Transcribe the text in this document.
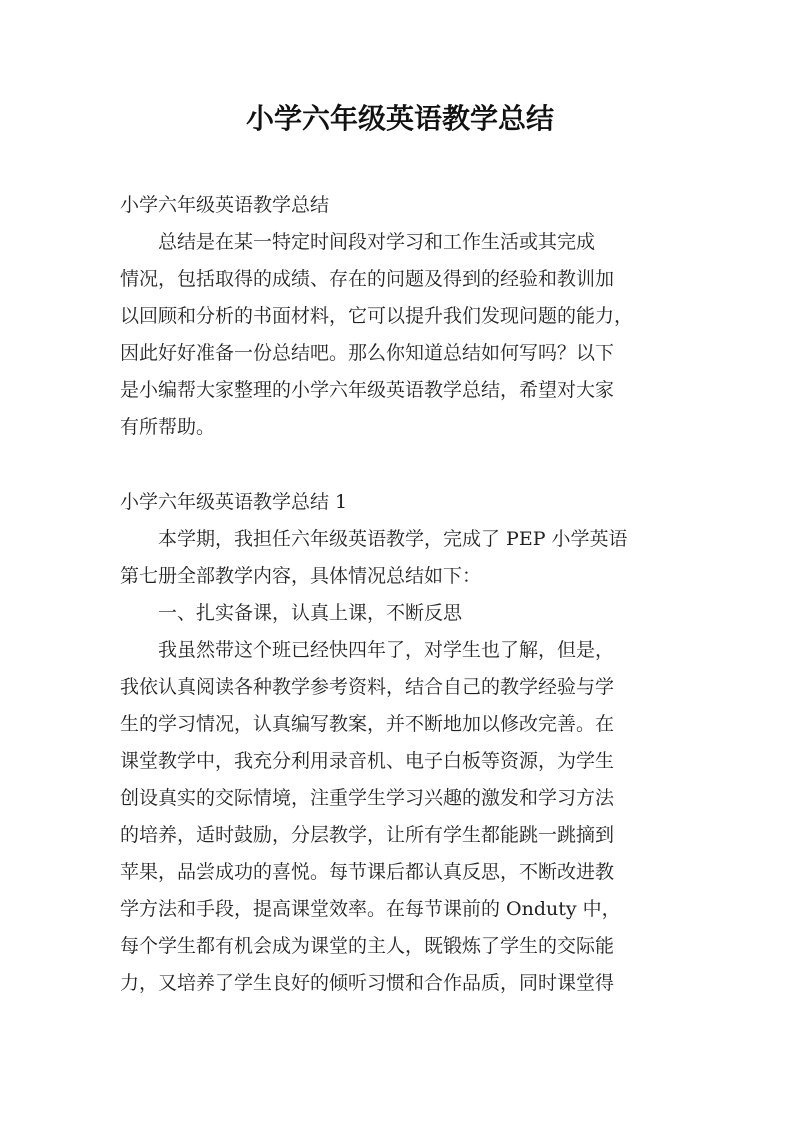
小学六年级英语教学总结

小学六年级英语教学总结

　　总结是在某一特定时间段对学习和工作生活或其完成

情况，包括取得的成绩、存在的问题及得到的经验和教训加

以回顾和分析的书面材料，它可以提升我们发现问题的能力，

因此好好准备一份总结吧。那么你知道总结如何写吗？以下

是小编帮大家整理的小学六年级英语教学总结，希望对大家

有所帮助。

小学六年级英语教学总结 1

　　本学期，我担任六年级英语教学，完成了 PEP 小学英语

第七册全部教学内容，具体情况总结如下：

　　一、扎实备课，认真上课，不断反思

　　我虽然带这个班已经快四年了，对学生也了解，但是，

我依认真阅读各种教学参考资料，结合自己的教学经验与学

生的学习情况，认真编写教案，并不断地加以修改完善。在

课堂教学中，我充分利用录音机、电子白板等资源，为学生

创设真实的交际情境，注重学生学习兴趣的激发和学习方法

的培养，适时鼓励，分层教学，让所有学生都能跳一跳摘到

苹果，品尝成功的喜悦。每节课后都认真反思，不断改进教

学方法和手段，提高课堂效率。在每节课前的 Onduty 中，

每个学生都有机会成为课堂的主人，既锻炼了学生的交际能

力，又培养了学生良好的倾听习惯和合作品质，同时课堂得
